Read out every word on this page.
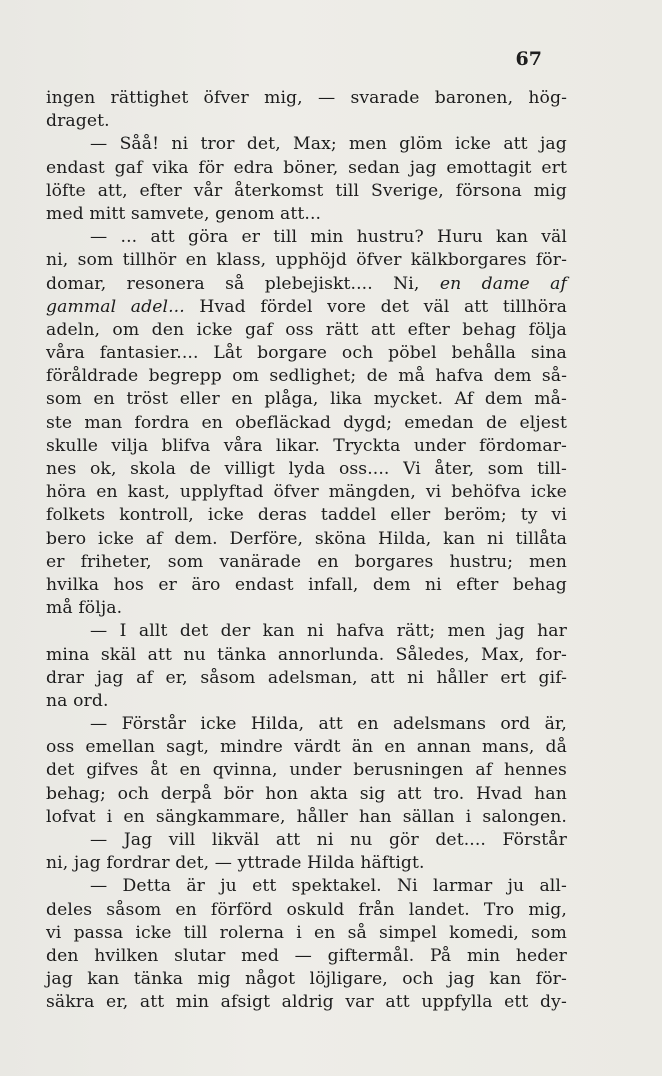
67
ingen rättighet öfver mig, — svarade baronen, hög-
draget.
— Såå! ni tror det, Max; men glöm icke att jag
endast gaf vika för edra böner, sedan jag emottagit ert
löfte att, efter vår återkomst till Sverige, försona mig
med mitt samvete, genom att...
— ... att göra er till min hustru? Huru kan väl
ni, som tillhör en klass, upphöjd öfver kälkborgares för-
domar, resonera så plebejiskt.... Ni, en dame af
gammal adel... Hvad fördel vore det väl att tillhöra
adeln, om den icke gaf oss rätt att efter behag följa
våra fantasier.... Låt borgare och pöbel behålla sina
föråldrade begrepp om sedlighet; de må hafva dem så-
som en tröst eller en plåga, lika mycket. Af dem må-
ste man fordra en obefläckad dygd; emedan de eljest
skulle vilja blifva våra likar. Tryckta under fördomar-
nes ok, skola de villigt lyda oss.... Vi åter, som till-
höra en kast, upplyftad öfver mängden, vi behöfva icke
folkets kontroll, icke deras taddel eller beröm; ty vi
bero icke af dem. Derföre, sköna Hilda, kan ni tillåta
er friheter, som vanärade en borgares hustru; men
hvilka hos er äro endast infall, dem ni efter behag
må följa.
— I allt det der kan ni hafva rätt; men jag har
mina skäl att nu tänka annorlunda. Således, Max, for-
drar jag af er, såsom adelsman, att ni håller ert gif-
na ord.
— Förstår icke Hilda, att en adelsmans ord är,
oss emellan sagt, mindre värdt än en annan mans, då
det gifves åt en qvinna, under berusningen af hennes
behag; och derpå bör hon akta sig att tro. Hvad han
lofvat i en sängkammare, håller han sällan i salongen.
— Jag vill likväl att ni nu gör det.... Förstår
ni, jag fordrar det, — yttrade Hilda häftigt.
— Detta är ju ett spektakel. Ni larmar ju all-
deles såsom en förförd oskuld från landet. Tro mig,
vi passa icke till rolerna i en så simpel komedi, som
den hvilken slutar med — giftermål. På min heder
jag kan tänka mig något löjligare, och jag kan för-
säkra er, att min afsigt aldrig var att uppfylla ett dy-
